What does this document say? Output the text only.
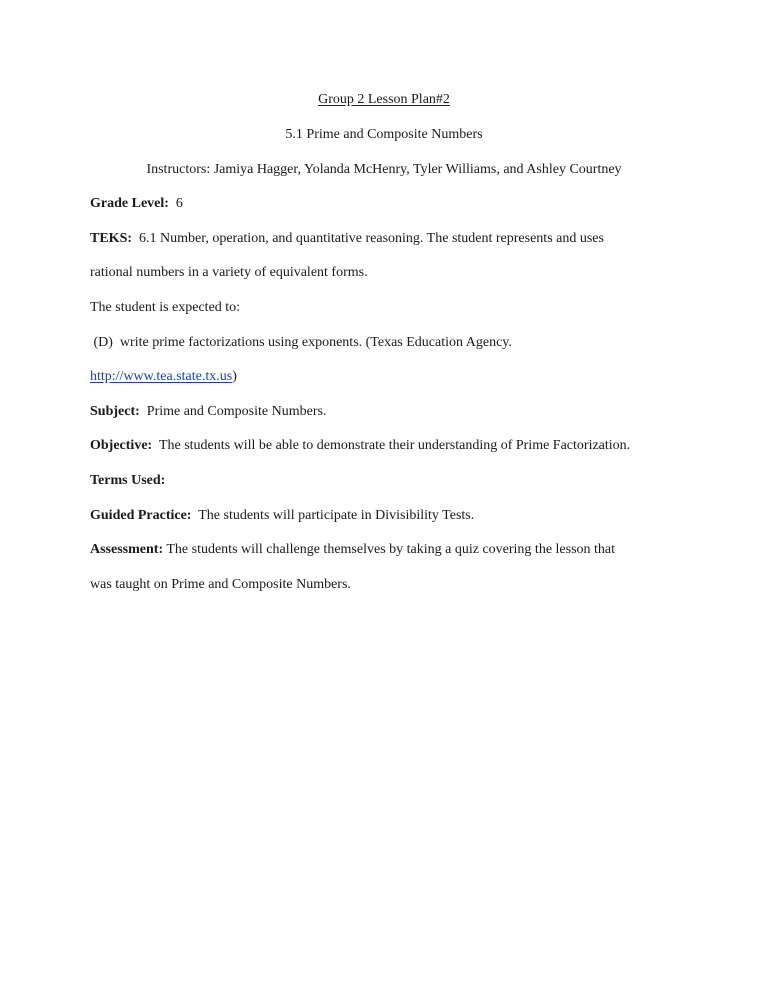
Group 2 Lesson Plan#2
5.1 Prime and Composite Numbers
Instructors: Jamiya Hagger, Yolanda McHenry, Tyler Williams, and Ashley Courtney
Grade Level: 6
TEKS: 6.1 Number, operation, and quantitative reasoning. The student represents and uses
rational numbers in a variety of equivalent forms.
The student is expected to:
(D)  write prime factorizations using exponents. (Texas Education Agency.
http://www.tea.state.tx.us)
Subject: Prime and Composite Numbers.
Objective: The students will be able to demonstrate their understanding of Prime Factorization.
Terms Used:
Guided Practice: The students will participate in Divisibility Tests.
Assessment: The students will challenge themselves by taking a quiz covering the lesson that
was taught on Prime and Composite Numbers.
